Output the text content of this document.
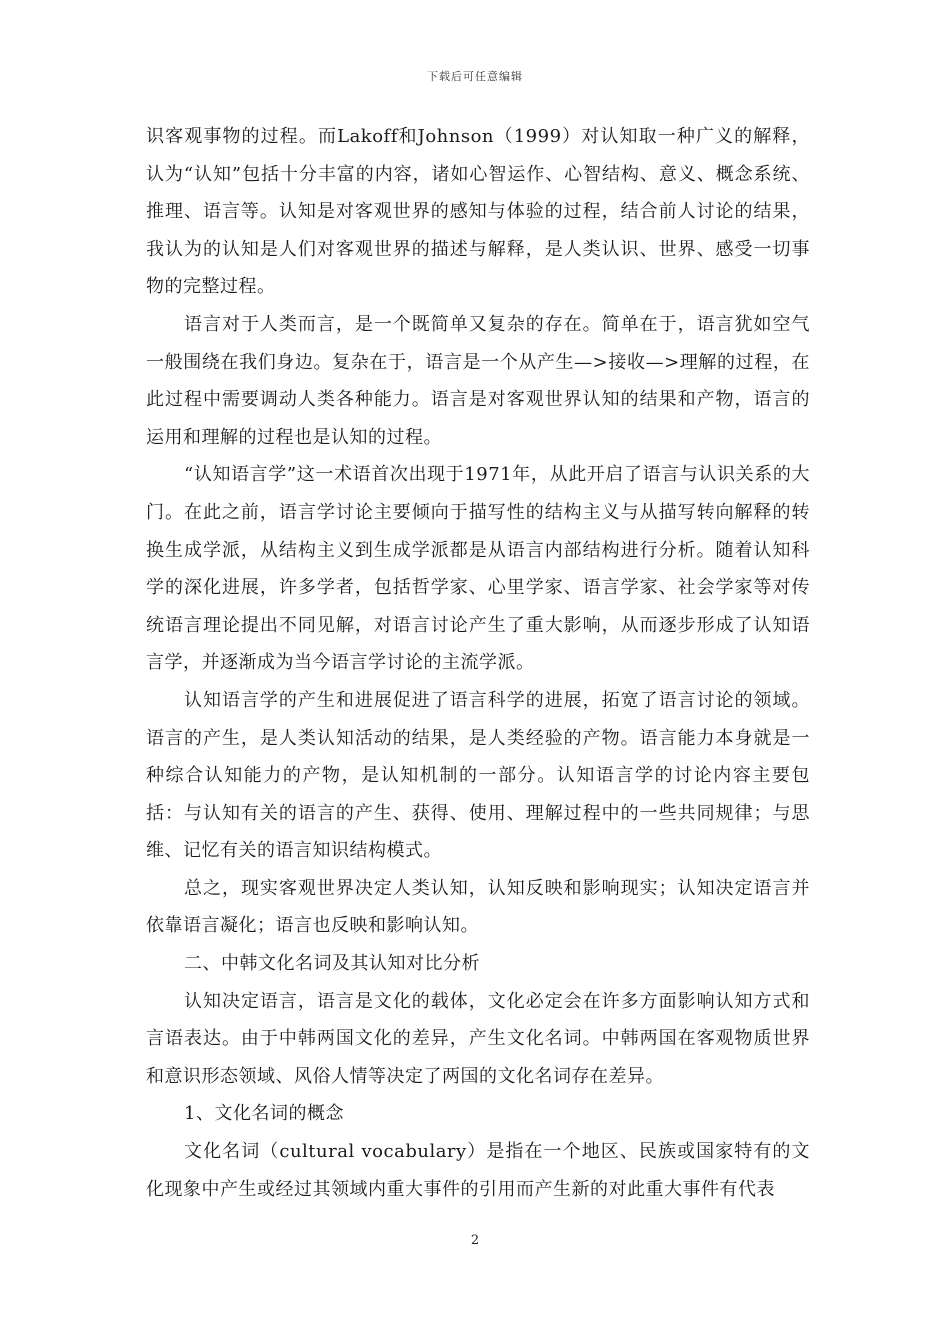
下载后可任意编辑

识客观事物的过程。而Lakoff和Johnson（1999）对认知取一种广义的解释，认为“认知”包括十分丰富的内容，诸如心智运作、心智结构、意义、概念系统、推理、语言等。认知是对客观世界的感知与体验的过程，结合前人讨论的结果，我认为的认知是人们对客观世界的描述与解释，是人类认识、世界、感受一切事物的完整过程。

语言对于人类而言，是一个既简单又复杂的存在。简单在于，语言犹如空气一般围绕在我们身边。复杂在于，语言是一个从产生—>接收—>理解的过程，在此过程中需要调动人类各种能力。语言是对客观世界认知的结果和产物，语言的运用和理解的过程也是认知的过程。

“认知语言学”这一术语首次出现于1971年，从此开启了语言与认识关系的大门。在此之前，语言学讨论主要倾向于描写性的结构主义与从描写转向解释的转换生成学派，从结构主义到生成学派都是从语言内部结构进行分析。随着认知科学的深化进展，许多学者，包括哲学家、心里学家、语言学家、社会学家等对传统语言理论提出不同见解，对语言讨论产生了重大影响，从而逐步形成了认知语言学，并逐渐成为当今语言学讨论的主流学派。

认知语言学的产生和进展促进了语言科学的进展，拓宽了语言讨论的领域。语言的产生，是人类认知活动的结果，是人类经验的产物。语言能力本身就是一种综合认知能力的产物，是认知机制的一部分。认知语言学的讨论内容主要包括：与认知有关的语言的产生、获得、使用、理解过程中的一些共同规律；与思维、记忆有关的语言知识结构模式。

总之，现实客观世界决定人类认知，认知反映和影响现实；认知决定语言并依靠语言凝化；语言也反映和影响认知。

二、中韩文化名词及其认知对比分析

认知决定语言，语言是文化的载体，文化必定会在许多方面影响认知方式和言语表达。由于中韩两国文化的差异，产生文化名词。中韩两国在客观物质世界和意识形态领域、风俗人情等决定了两国的文化名词存在差异。

1、文化名词的概念

文化名词（cultural vocabulary）是指在一个地区、民族或国家特有的文化现象中产生或经过其领域内重大事件的引用而产生新的对此重大事件有代表

2
